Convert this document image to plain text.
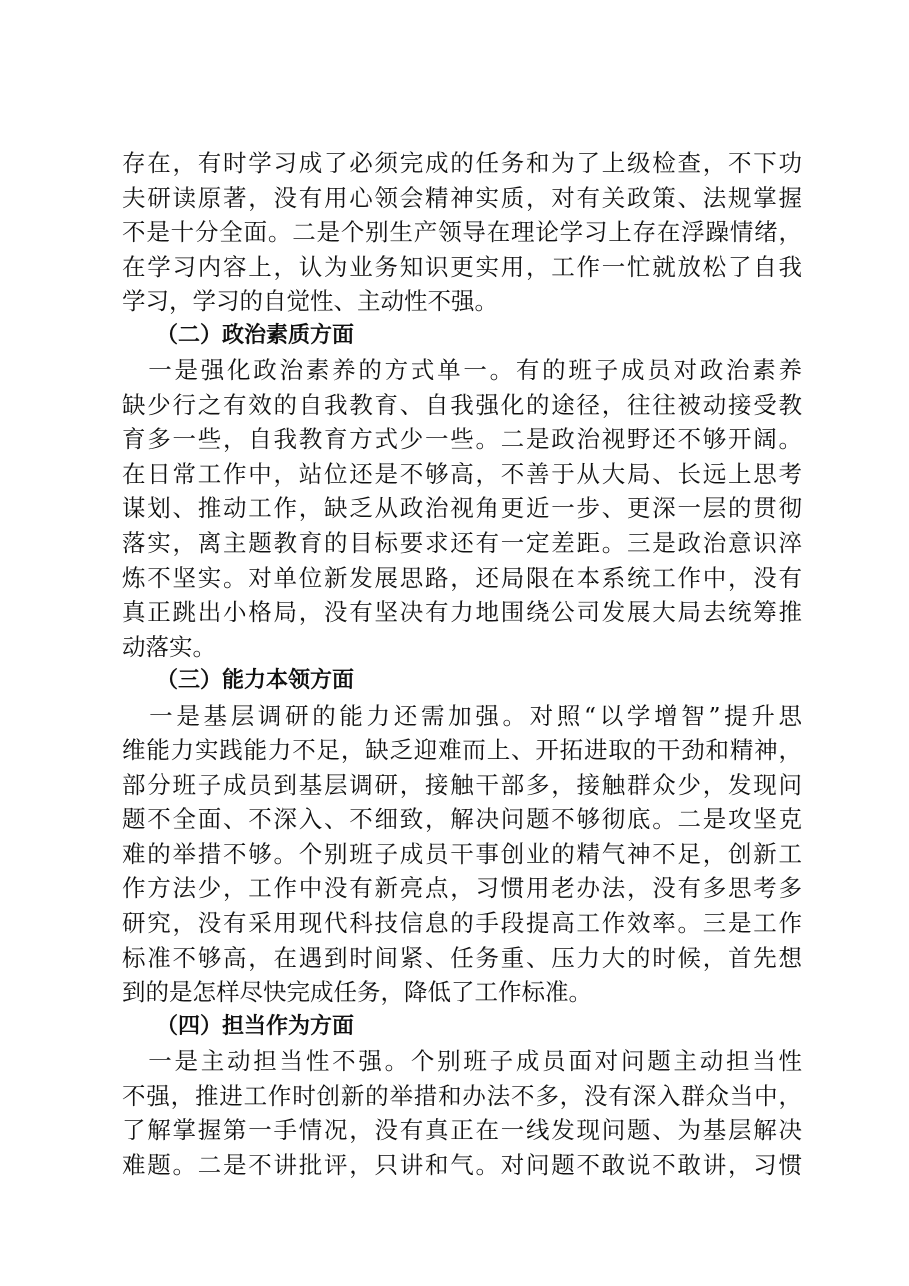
存在，有时学习成了必须完成的任务和为了上级检查，不下功
夫研读原著，没有用心领会精神实质，对有关政策、法规掌握
不是十分全面。二是个别生产领导在理论学习上存在浮躁情绪，
在学习内容上，认为业务知识更实用，工作一忙就放松了自我
学习，学习的自觉性、主动性不强。
（二）政治素质方面
　一是强化政治素养的方式单一。有的班子成员对政治素养
缺少行之有效的自我教育、自我强化的途径，往往被动接受教
育多一些，自我教育方式少一些。二是政治视野还不够开阔。
在日常工作中，站位还是不够高，不善于从大局、长远上思考
谋划、推动工作，缺乏从政治视角更近一步、更深一层的贯彻
落实，离主题教育的目标要求还有一定差距。三是政治意识淬
炼不坚实。对单位新发展思路，还局限在本系统工作中，没有
真正跳出小格局，没有坚决有力地围绕公司发展大局去统筹推
动落实。
（三）能力本领方面
　一是基层调研的能力还需加强。对照“以学增智”提升思
维能力实践能力不足，缺乏迎难而上、开拓进取的干劲和精神，
部分班子成员到基层调研，接触干部多，接触群众少，发现问
题不全面、不深入、不细致，解决问题不够彻底。二是攻坚克
难的举措不够。个别班子成员干事创业的精气神不足，创新工
作方法少，工作中没有新亮点，习惯用老办法，没有多思考多
研究，没有采用现代科技信息的手段提高工作效率。三是工作
标准不够高，在遇到时间紧、任务重、压力大的时候，首先想
到的是怎样尽快完成任务，降低了工作标准。
（四）担当作为方面
　一是主动担当性不强。个别班子成员面对问题主动担当性
不强，推进工作时创新的举措和办法不多，没有深入群众当中，
了解掌握第一手情况，没有真正在一线发现问题、为基层解决
难题。二是不讲批评，只讲和气。对问题不敢说不敢讲，习惯
